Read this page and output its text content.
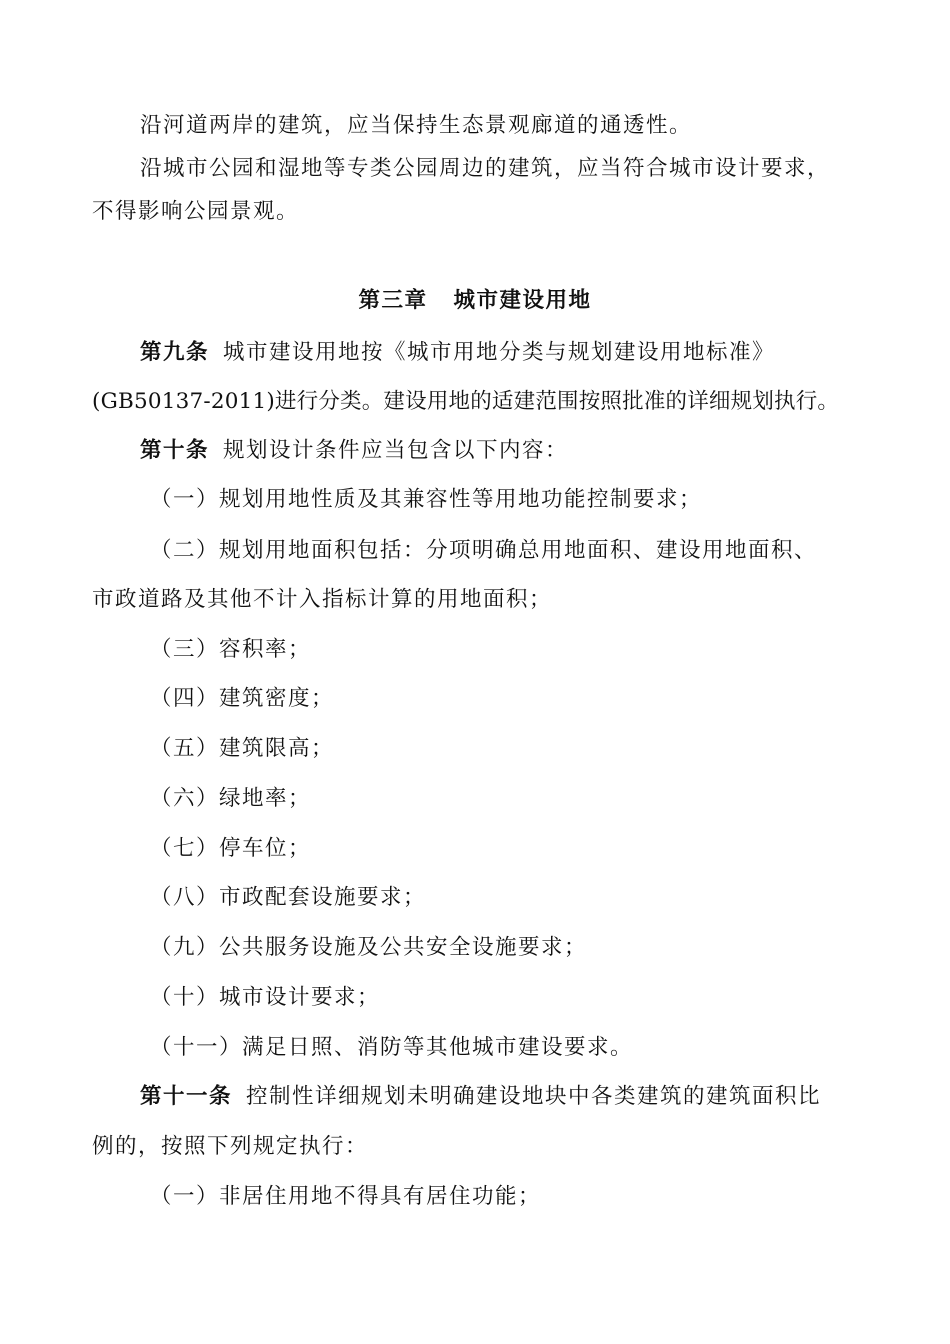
沿河道两岸的建筑，应当保持生态景观廊道的通透性。
沿城市公园和湿地等专类公园周边的建筑，应当符合城市设计要求，
不得影响公园景观。
第三章 城市建设用地
第九条 城市建设用地按《城市用地分类与规划建设用地标准》
(GB50137-2011)进行分类。建设用地的适建范围按照批准的详细规划执行。
第十条 规划设计条件应当包含以下内容：
（一）规划用地性质及其兼容性等用地功能控制要求；
（二）规划用地面积包括：分项明确总用地面积、建设用地面积、
市政道路及其他不计入指标计算的用地面积；
（三）容积率；
（四）建筑密度；
（五）建筑限高；
（六）绿地率；
（七）停车位；
（八）市政配套设施要求；
（九）公共服务设施及公共安全设施要求；
（十）城市设计要求；
（十一）满足日照、消防等其他城市建设要求。
第十一条 控制性详细规划未明确建设地块中各类建筑的建筑面积比
例的，按照下列规定执行：
（一）非居住用地不得具有居住功能；
